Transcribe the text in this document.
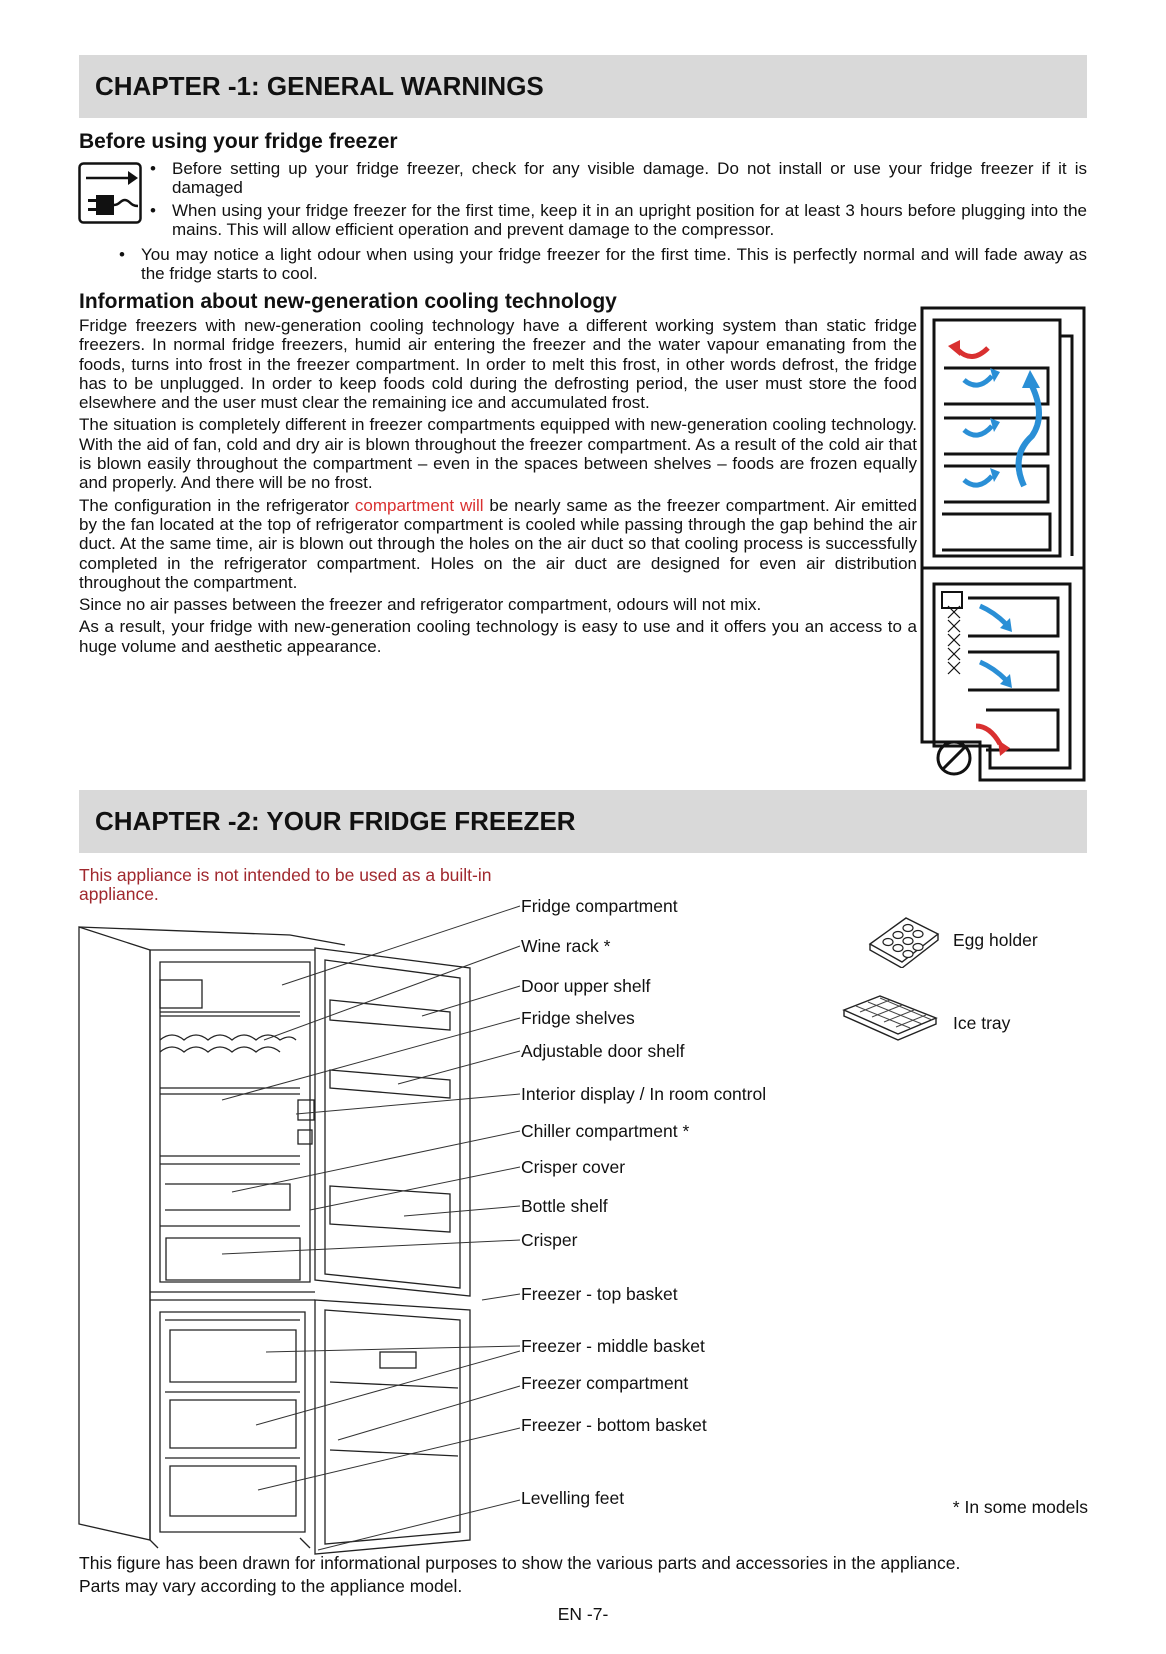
CHAPTER -1: GENERAL WARNINGS
Before using your fridge freezer
• Before setting up your fridge freezer, check for any visible damage. Do not install or use your fridge freezer if it is damaged
• When using your fridge freezer for the first time, keep it in an upright position for at least 3 hours before plugging into the mains. This will allow efficient operation and prevent damage to the compressor.
• You may notice a light odour when using your fridge freezer for the first time. This is perfectly normal and will fade away as the fridge starts to cool.
Information about new-generation cooling technology

Fridge freezers with new-generation cooling technology have a different working system than static fridge freezers. In normal fridge freezers, humid air entering the freezer and the water vapour emanating from the foods, turns into frost in the freezer compartment. In order to melt this frost, in other words defrost, the fridge has to be unplugged. In order to keep foods cold during the defrosting period, the user must store the food elsewhere and the user must clear the remaining ice and accumulated frost.

The situation is completely different in freezer compartments equipped with new-generation cooling technology. With the aid of fan, cold and dry air is blown throughout the freezer compartment. As a result of the cold air that is blown easily throughout the compartment – even in the spaces between shelves – foods are frozen equally and properly. And there will be no frost.

The configuration in the refrigerator compartment will be nearly same as the freezer compartment. Air emitted by the fan located at the top of refrigerator compartment is cooled while passing through the gap behind the air duct. At the same time, air is blown out through the holes on the air duct so that cooling process is successfully completed in the refrigerator compartment. Holes on the air duct are designed for even air distribution throughout the compartment.

Since no air passes between the freezer and refrigerator compartment, odours will not mix.

As a result, your fridge with new-generation cooling technology is easy to use and it offers you an access to a huge volume and aesthetic appearance.

CHAPTER -2: YOUR FRIDGE FREEZER
This appliance is not intended to be used as a built-in appliance.
Fridge compartment
Wine rack *
Door upper shelf
Fridge shelves
Adjustable door shelf
Interior display / In room control
Chiller compartment *
Crisper cover
Bottle shelf
Crisper
Freezer - top basket
Freezer - middle basket
Freezer compartment
Freezer - bottom basket
Levelling feet
Egg holder
Ice tray
* In some models
This figure has been drawn for informational purposes to show the various parts and accessories in the appliance.
Parts may vary according to the appliance model.
EN -7-
